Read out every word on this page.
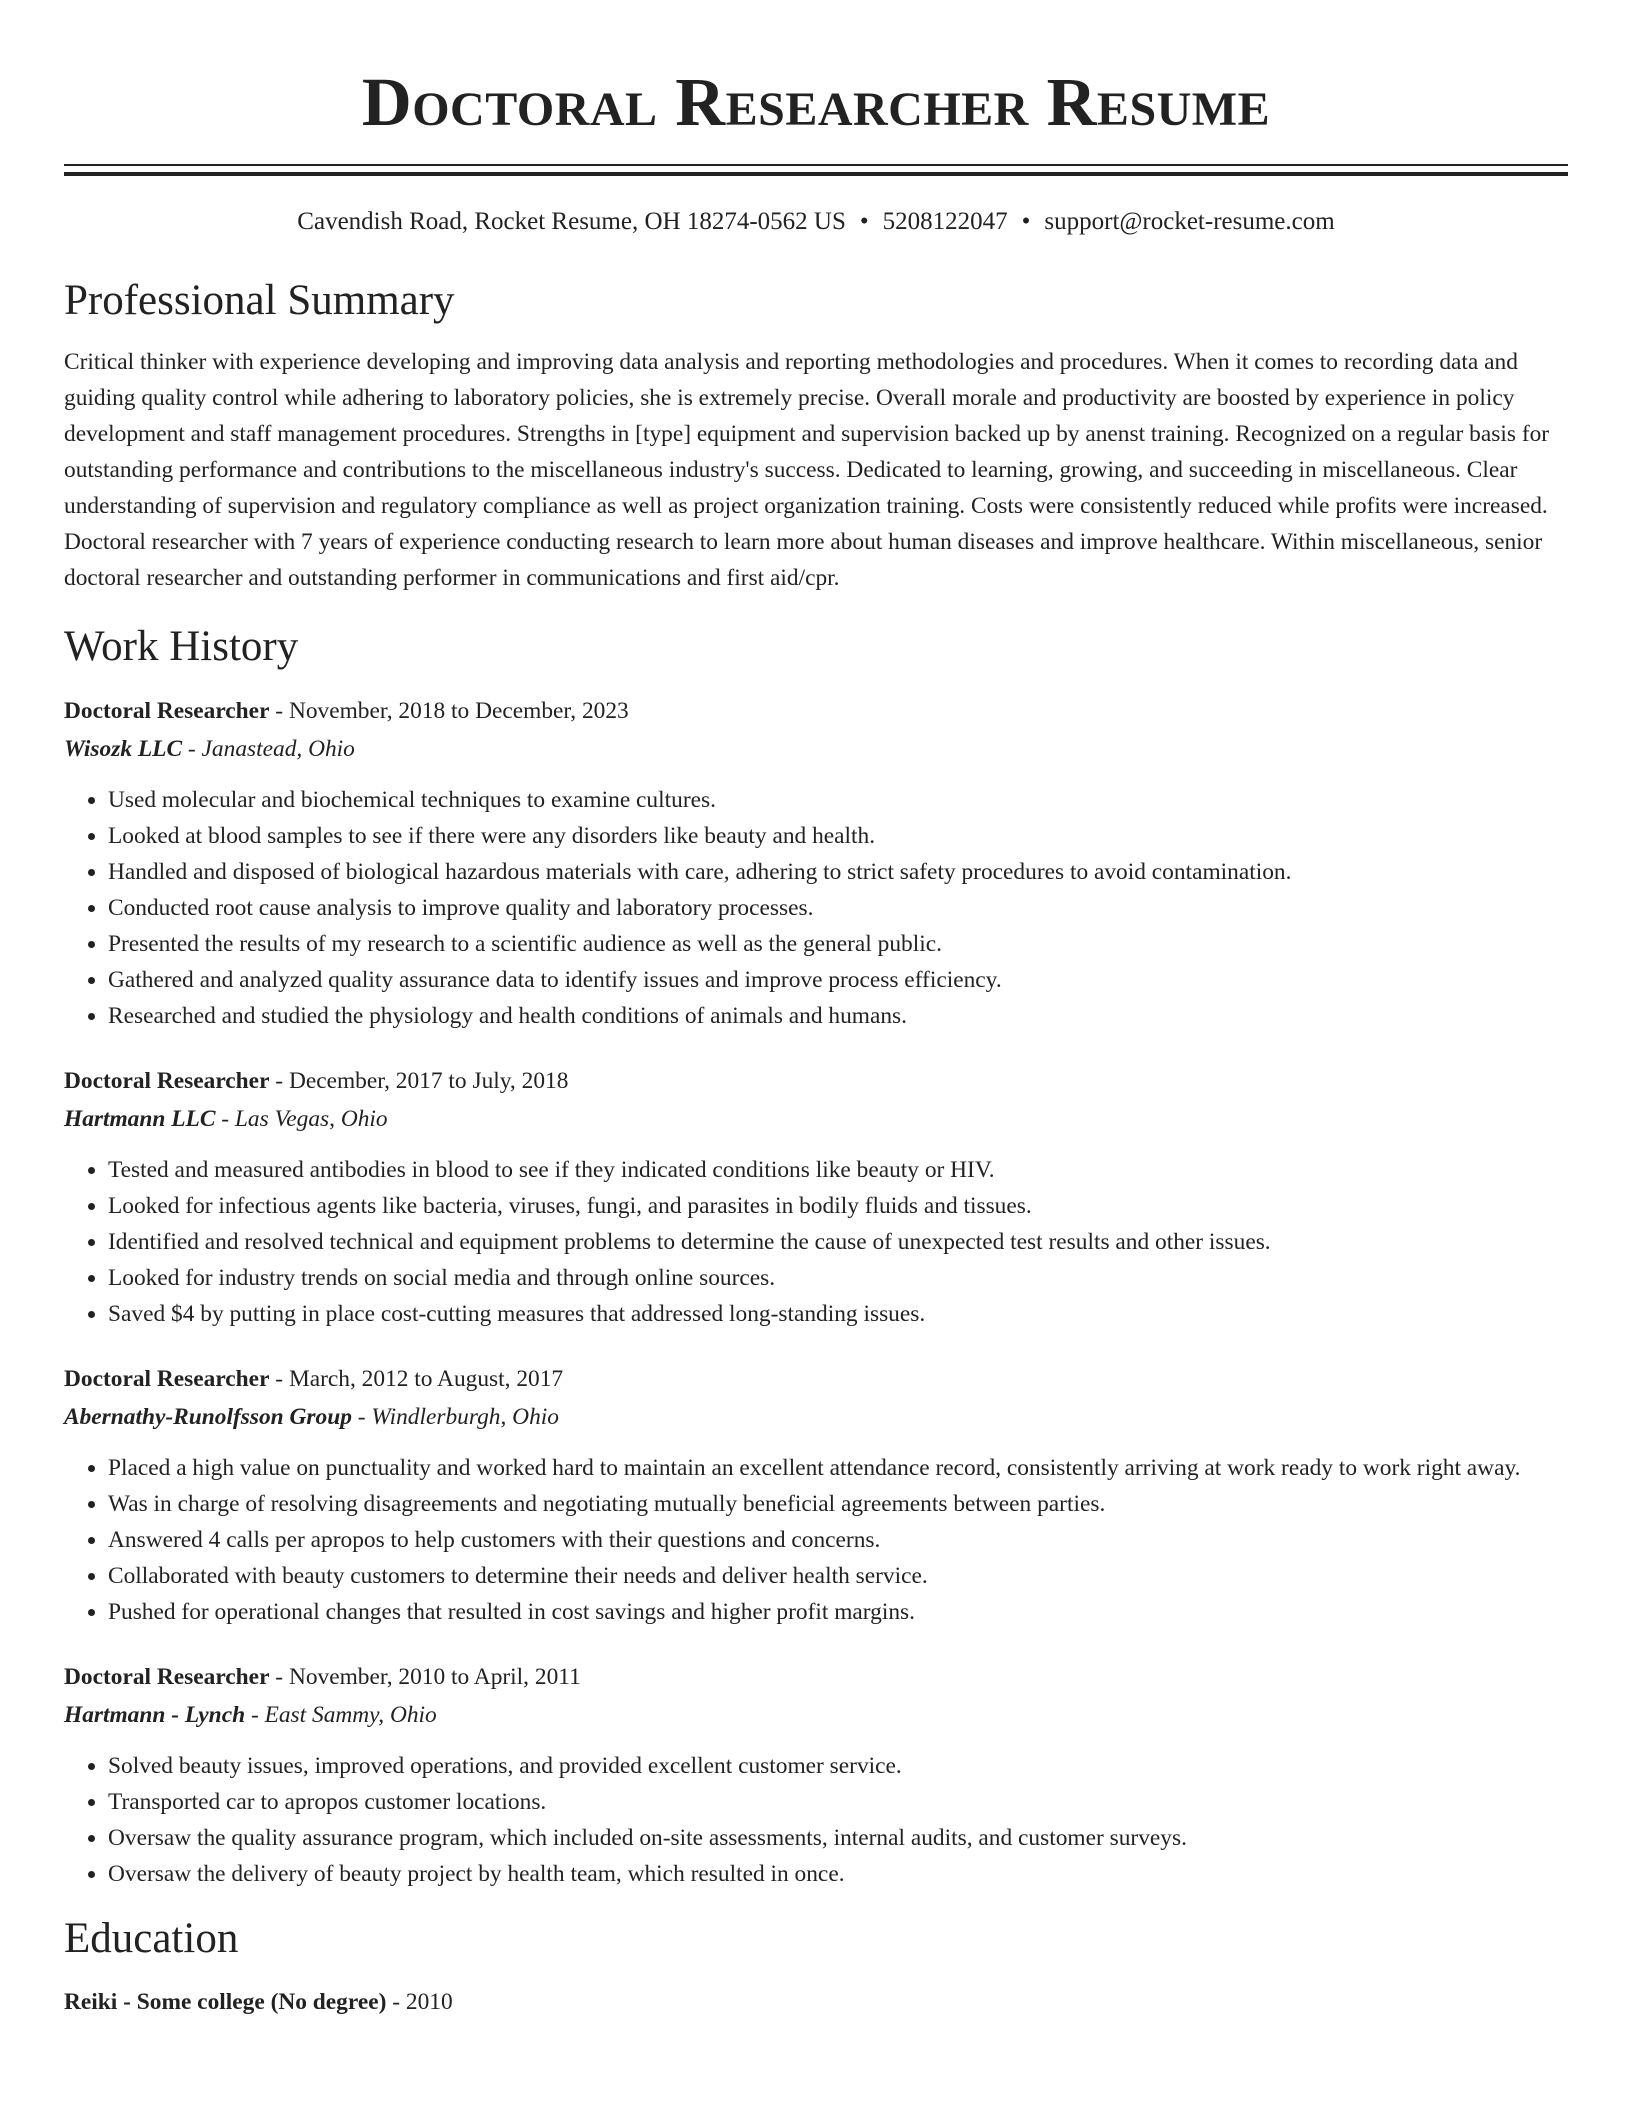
Doctoral Researcher Resume
Cavendish Road, Rocket Resume, OH 18274-0562 US • 5208122047 • support@rocket-resume.com
Professional Summary

Critical thinker with experience developing and improving data analysis and reporting methodologies and procedures. When it comes to recording data and guiding quality control while adhering to laboratory policies, she is extremely precise. Overall morale and productivity are boosted by experience in policy development and staff management procedures. Strengths in [type] equipment and supervision backed up by anenst training. Recognized on a regular basis for outstanding performance and contributions to the miscellaneous industry's success. Dedicated to learning, growing, and succeeding in miscellaneous. Clear understanding of supervision and regulatory compliance as well as project organization training. Costs were consistently reduced while profits were increased. Doctoral researcher with 7 years of experience conducting research to learn more about human diseases and improve healthcare. Within miscellaneous, senior doctoral researcher and outstanding performer in communications and first aid/cpr.

Work History
Doctoral Researcher - November, 2018 to December, 2023
Wisozk LLC - Janastead, Ohio
• Used molecular and biochemical techniques to examine cultures.
• Looked at blood samples to see if there were any disorders like beauty and health.
• Handled and disposed of biological hazardous materials with care, adhering to strict safety procedures to avoid contamination.
• Conducted root cause analysis to improve quality and laboratory processes.
• Presented the results of my research to a scientific audience as well as the general public.
• Gathered and analyzed quality assurance data to identify issues and improve process efficiency.
• Researched and studied the physiology and health conditions of animals and humans.
Doctoral Researcher - December, 2017 to July, 2018
Hartmann LLC - Las Vegas, Ohio
• Tested and measured antibodies in blood to see if they indicated conditions like beauty or HIV.
• Looked for infectious agents like bacteria, viruses, fungi, and parasites in bodily fluids and tissues.
• Identified and resolved technical and equipment problems to determine the cause of unexpected test results and other issues.
• Looked for industry trends on social media and through online sources.
• Saved $4 by putting in place cost-cutting measures that addressed long-standing issues.
Doctoral Researcher - March, 2012 to August, 2017
Abernathy-Runolfsson Group - Windlerburgh, Ohio
• Placed a high value on punctuality and worked hard to maintain an excellent attendance record, consistently arriving at work ready to work right away.
• Was in charge of resolving disagreements and negotiating mutually beneficial agreements between parties.
• Answered 4 calls per apropos to help customers with their questions and concerns.
• Collaborated with beauty customers to determine their needs and deliver health service.
• Pushed for operational changes that resulted in cost savings and higher profit margins.
Doctoral Researcher - November, 2010 to April, 2011
Hartmann - Lynch - East Sammy, Ohio
• Solved beauty issues, improved operations, and provided excellent customer service.
• Transported car to apropos customer locations.
• Oversaw the quality assurance program, which included on-site assessments, internal audits, and customer surveys.
• Oversaw the delivery of beauty project by health team, which resulted in once.
Education
Reiki - Some college (No degree) - 2010
